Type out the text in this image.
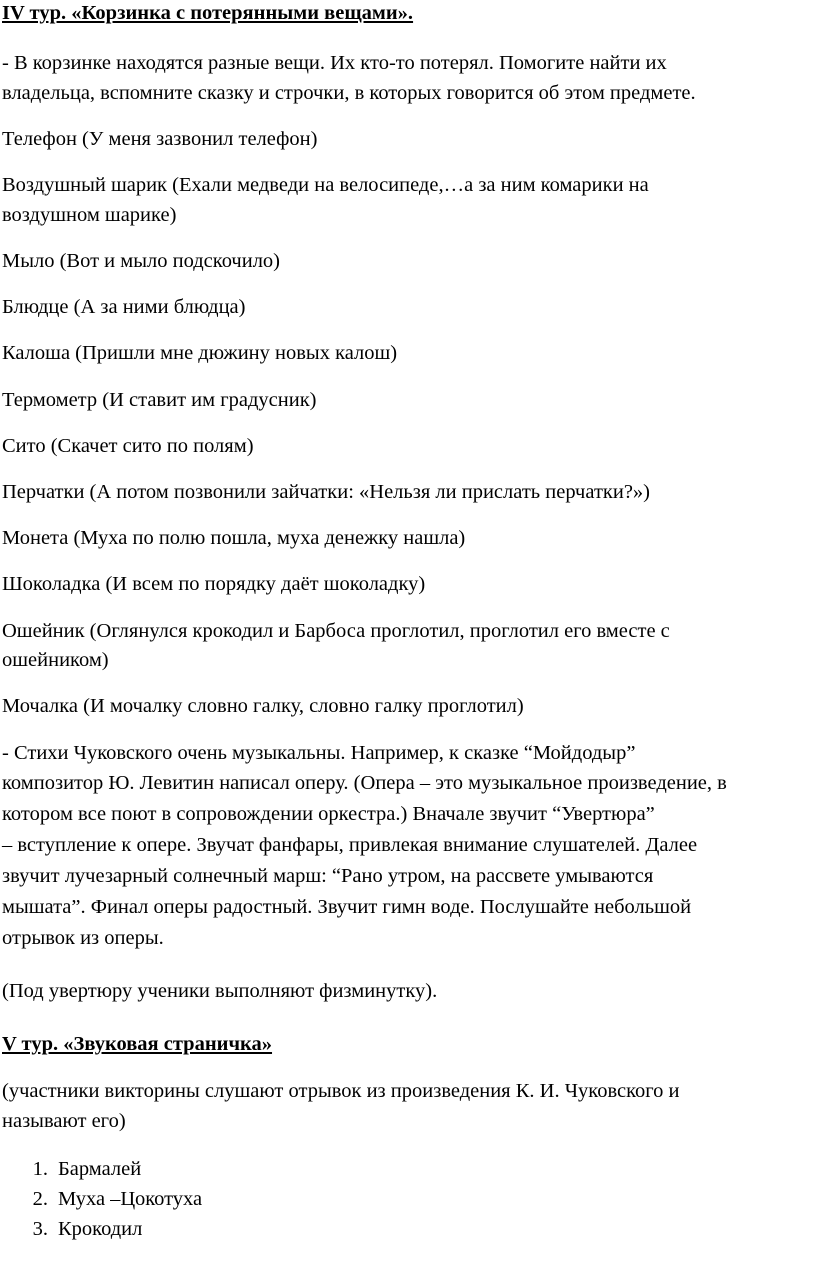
IV тур. «Корзинка с потерянными вещами».
- В корзинке находятся разные вещи. Их кто-то потерял. Помогите найти их
владельца, вспомните сказку и строчки, в которых говорится об этом предмете.
Телефон (У меня зазвонил телефон)
Воздушный шарик (Ехали медведи на велосипеде,…а за ним комарики на
воздушном шарике)
Мыло (Вот и мыло подскочило)
Блюдце (А за ними блюдца)
Калоша (Пришли мне дюжину новых калош)
Термометр (И ставит им градусник)
Сито (Скачет сито по полям)
Перчатки (А потом позвонили зайчатки: «Нельзя ли прислать перчатки?»)
Монета (Муха по полю пошла, муха денежку нашла)
Шоколадка (И всем по порядку даёт шоколадку)
Ошейник (Оглянулся крокодил и Барбоса проглотил, проглотил его вместе с
ошейником)
Мочалка (И мочалку словно галку, словно галку проглотил)
- Стихи Чуковского очень музыкальны. Например, к сказке “Мойдодыр”
композитор Ю. Левитин написал оперу. (Опера – это музыкальное произведение, в
котором все поют в сопровождении оркестра.) Вначале звучит “Увертюра”
– вступление к опере. Звучат фанфары, привлекая внимание слушателей. Далее
звучит лучезарный солнечный марш: “Рано утром, на рассвете умываются
мышата”. Финал оперы радостный. Звучит гимн воде. Послушайте небольшой
отрывок из оперы.
(Под увертюру ученики выполняют физминутку).
V тур. «Звуковая страничка»
(участники викторины слушают отрывок из произведения К. И. Чуковского и
называют его)
1. Бармалей
2. Муха –Цокотуха
3. Крокодил
